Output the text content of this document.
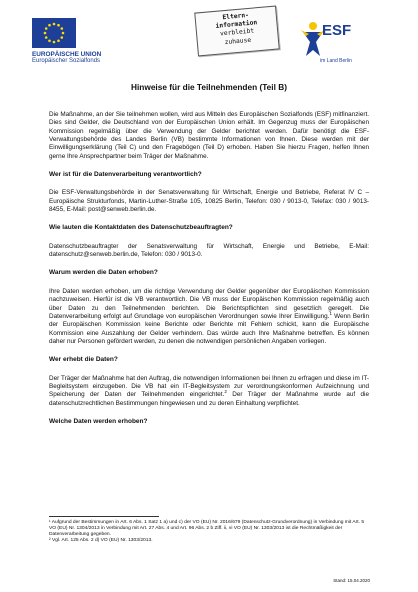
EUROPÄISCHE UNION
Europäischer Sozialfonds
Eltern-
information
verbleibt
zuhause
ESF
im Land Berlin
Hinweise für die Teilnehmenden (Teil B)

Die Maßnahme, an der Sie teilnehmen wollen, wird aus Mitteln des Europäischen Sozialfonds (ESF) mitfinanziert. Dies sind Gelder, die Deutschland von der Europäischen Union erhält. Im Gegenzug muss der Europäischen Kommission regelmäßig über die Verwendung der Gelder berichtet werden. Dafür benötigt die ESF-Verwaltungsbehörde des Landes Berlin (VB) bestimmte Informationen von Ihnen. Diese werden mit der Einwilligungserklärung (Teil C) und den Fragebögen (Teil D) erhoben. Haben Sie hierzu Fragen, helfen Ihnen gerne Ihre Ansprechpartner beim Träger der Maßnahme.

Wer ist für die Datenverarbeitung verantwortlich?

Die ESF-Verwaltungsbehörde in der Senatsverwaltung für Wirtschaft, Energie und Betriebe, Referat IV C – Europäische Strukturfonds, Martin-Luther-Straße 105, 10825 Berlin, Telefon: 030 / 9013-0, Telefax: 030 / 9013-8455, E-Mail: post@senweb.berlin.de.

Wie lauten die Kontaktdaten des Datenschutzbeauftragten?

Datenschutzbeauftragter der Senatsverwaltung für Wirtschaft, Energie und Betriebe, E-Mail: datenschutz@senweb.berlin.de, Telefon: 030 / 9013-0.

Warum werden die Daten erhoben?

Ihre Daten werden erhoben, um die richtige Verwendung der Gelder gegenüber der Europäischen Kommission nachzuweisen. Hierfür ist die VB verantwortlich. Die VB muss der Europäischen Kommission regelmäßig auch über Daten zu den Teilnehmenden berichten. Die Berichtspflichten sind gesetzlich geregelt. Die Datenverarbeitung erfolgt auf Grundlage von europäischen Verordnungen sowie Ihrer Einwilligung.$^1$ Wenn Berlin der Europäischen Kommission keine Berichte oder Berichte mit Fehlern schickt, kann die Europäische Kommission eine Auszahlung der Gelder verhindern. Das würde auch Ihre Maßnahme betreffen. Es können daher nur Personen gefördert werden, zu denen die notwendigen persönlichen Angaben vorliegen.

Wer erhebt die Daten?

Der Träger der Maßnahme hat den Auftrag, die notwendigen Informationen bei Ihnen zu erfragen und diese im IT-Begleitsystem einzugeben. Die VB hat ein IT-Begleitsystem zur verordnungskonformen Aufzeichnung und Speicherung der Daten der Teilnehmenden eingerichtet.$^2$ Der Träger der Maßnahme wurde auf die datenschutzrechtlichen Bestimmungen hingewiesen und zu deren Einhaltung verpflichtet.

Welche Daten werden erhoben?
¹ Aufgrund der Bestimmungen in Art. 6 Abs. 1 Satz 1 a) und c) der VO (EU) Nr. 2016/679 (Datenschutz-Grundverordnung) in Verbindung mit Art. 5 VO (EU) Nr. 1304/2013 in Verbindung mit Art. 27 Abs. 4 und Art. 96 Abs. 2 b Ziff. ii, vi VO (EU) Nr. 1303/2013 ist die Rechtmäßigkeit der Datenverarbeitung gegeben.
² Vgl. Art. 125 Abs. 2 d) VO (EU) Nr. 1303/2013.
Stand: 15.04.2020
